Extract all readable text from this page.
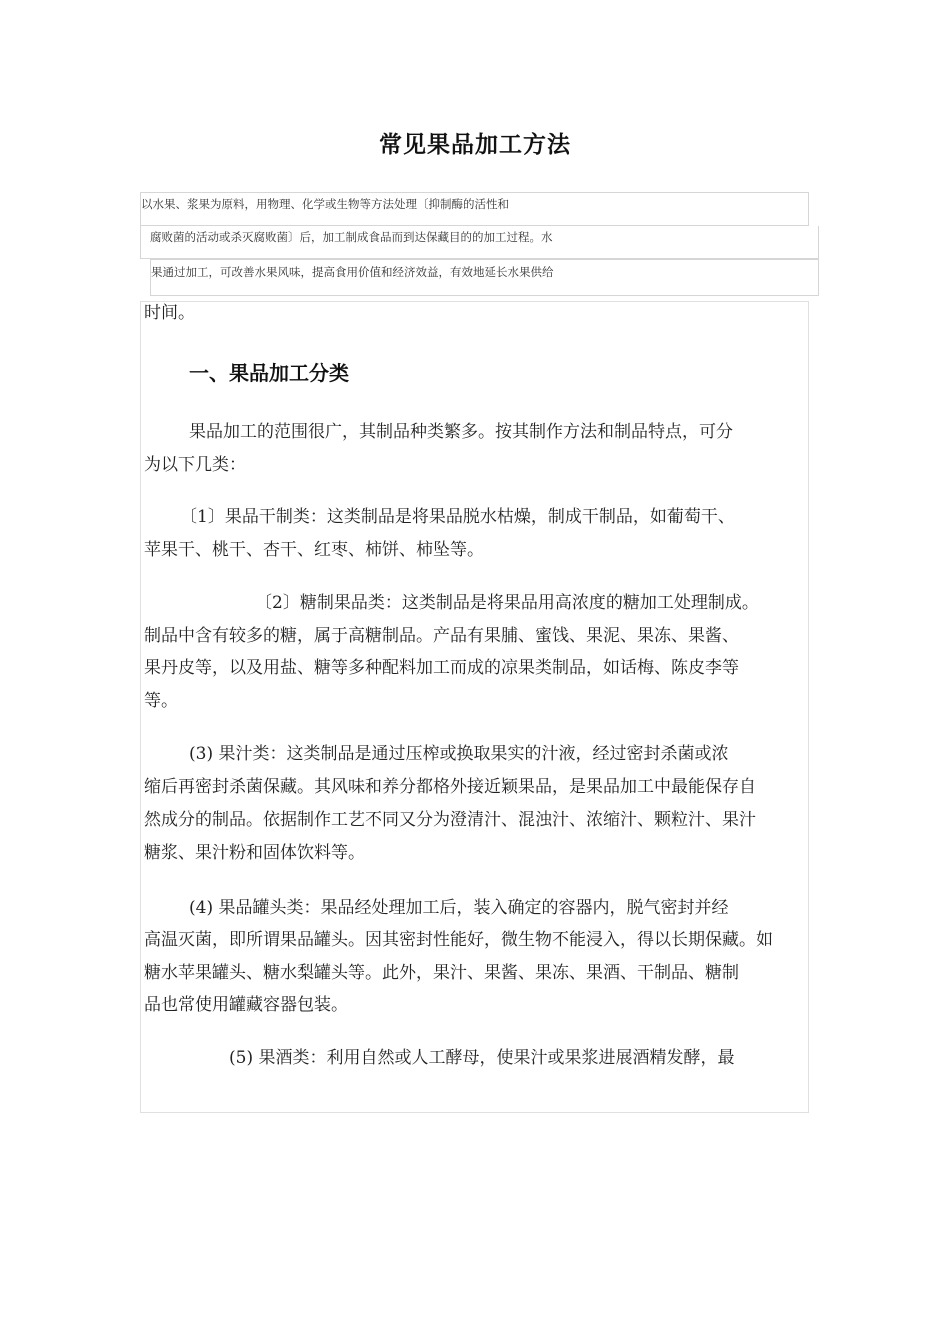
常见果品加工方法
以水果、浆果为原料，用物理、化学或生物等方法处理〔抑制酶的活性和
腐败菌的活动或杀灭腐败菌〕后，加工制成食品而到达保藏目的的加工过程。水
果通过加工，可改善水果风味，提高食用价值和经济效益，有效地延长水果供给
时间。
一、果品加工分类
果品加工的范围很广，其制品种类繁多。按其制作方法和制品特点，可分
为以下几类：
〔1〕果品干制类：这类制品是将果品脱水枯燥，制成干制品，如葡萄干、
苹果干、桃干、杏干、红枣、柿饼、柿坠等。
〔2〕糖制果品类：这类制品是将果品用高浓度的糖加工处理制成。
制品中含有较多的糖，属于高糖制品。产品有果脯、蜜饯、果泥、果冻、果酱、
果丹皮等，以及用盐、糖等多种配料加工而成的凉果类制品，如话梅、陈皮李等
等。
(3) 果汁类：这类制品是通过压榨或换取果实的汁液，经过密封杀菌或浓
缩后再密封杀菌保藏。其风味和养分都格外接近颖果品，是果品加工中最能保存自
然成分的制品。依据制作工艺不同又分为澄清汁、混浊汁、浓缩汁、颗粒汁、果汁
糖浆、果汁粉和固体饮料等。
(4) 果品罐头类：果品经处理加工后，装入确定的容器内，脱气密封并经
高温灭菌，即所谓果品罐头。因其密封性能好，微生物不能浸入，得以长期保藏。如
糖水苹果罐头、糖水梨罐头等。此外，果汁、果酱、果冻、果酒、干制品、糖制
品也常使用罐藏容器包装。
(5) 果酒类：利用自然或人工酵母，使果汁或果浆进展酒精发酵，最
